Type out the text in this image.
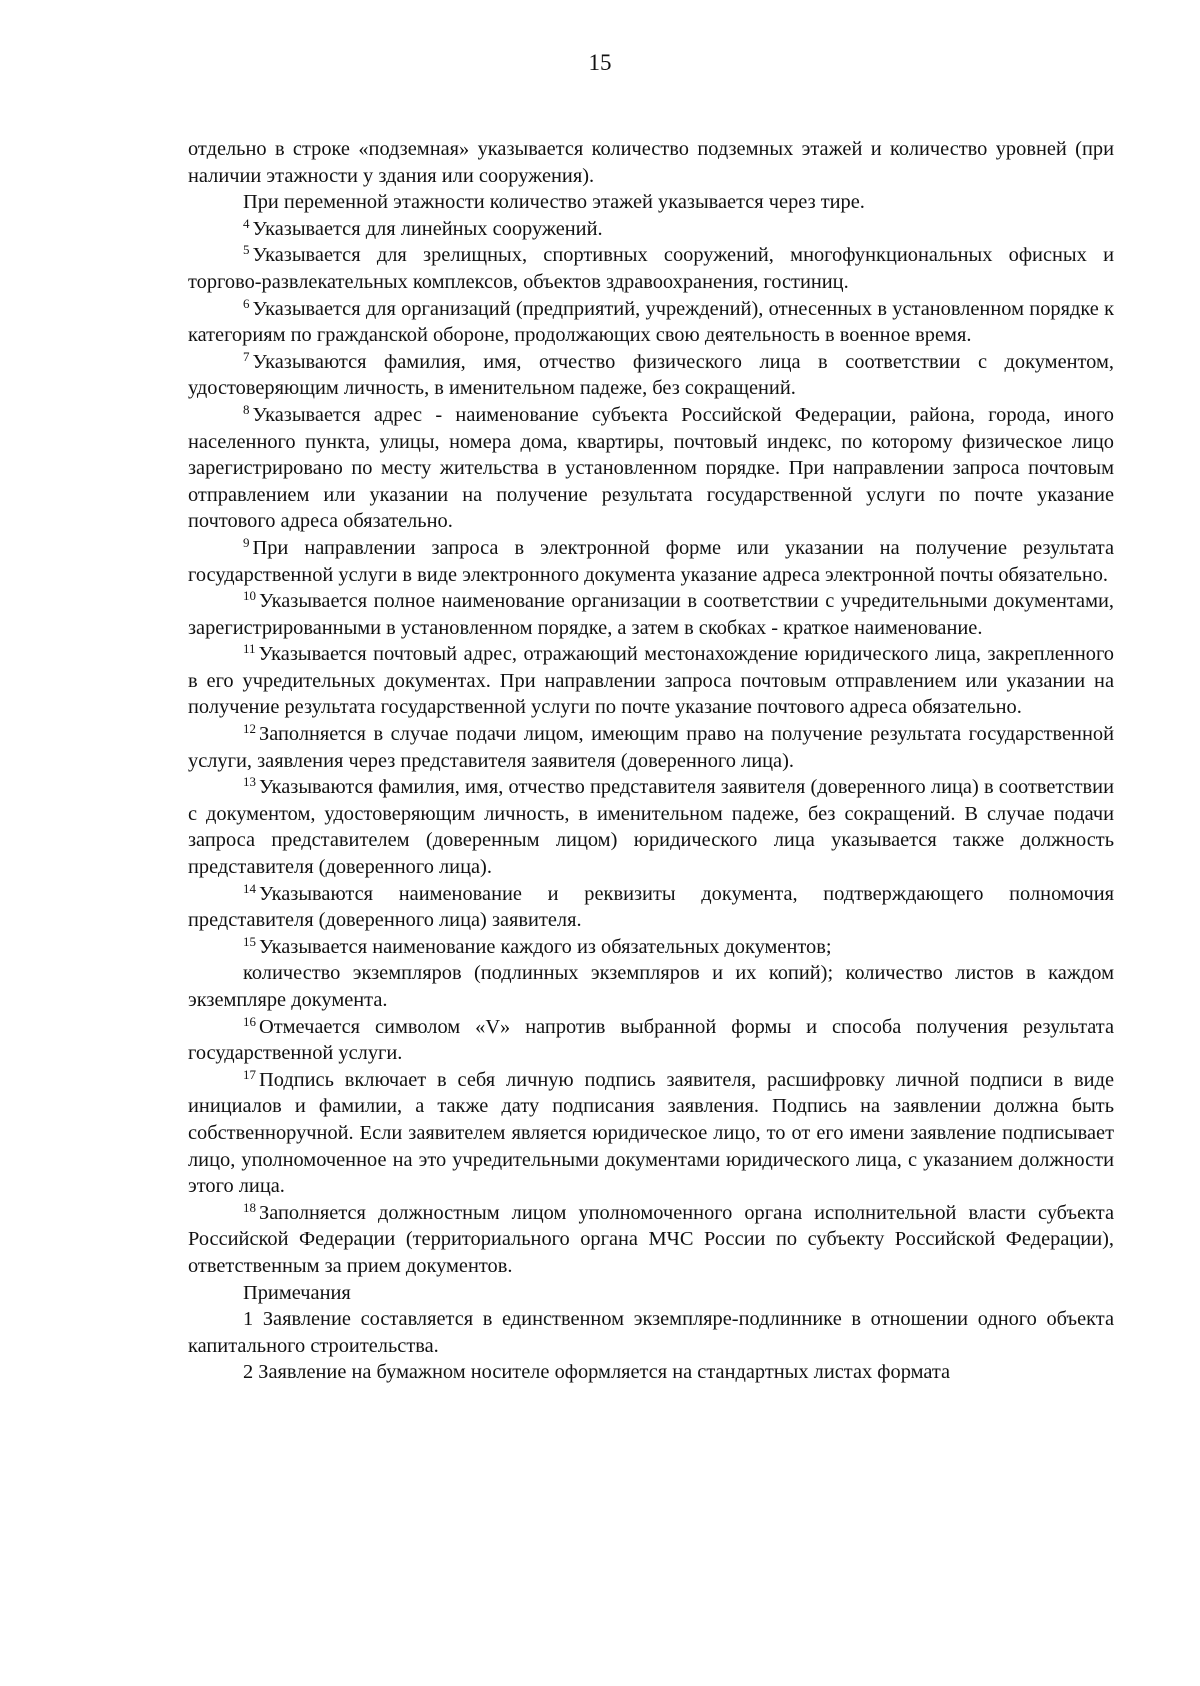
15

отдельно в строке «подземная» указывается количество подземных этажей и количество уровней (при наличии этажности у здания или сооружения).

При переменной этажности количество этажей указывается через тире.

$^4$ Указывается для линейных сооружений.

$^5$ Указывается для зрелищных, спортивных сооружений, многофункциональных офисных и торгово-развлекательных комплексов, объектов здравоохранения, гостиниц.

$^6$ Указывается для организаций (предприятий, учреждений), отнесенных в установленном порядке к категориям по гражданской обороне, продолжающих свою деятельность в военное время.

$^7$ Указываются фамилия, имя, отчество физического лица в соответствии с документом, удостоверяющим личность, в именительном падеже, без сокращений.

$^8$ Указывается адрес - наименование субъекта Российской Федерации, района, города, иного населенного пункта, улицы, номера дома, квартиры, почтовый индекс, по которому физическое лицо зарегистрировано по месту жительства в установленном порядке. При направлении запроса почтовым отправлением или указании на получение результата государственной услуги по почте указание почтового адреса обязательно.

$^9$ При направлении запроса в электронной форме или указании на получение результата государственной услуги в виде электронного документа указание адреса электронной почты обязательно.

$^{10}$ Указывается полное наименование организации в соответствии с учредительными документами, зарегистрированными в установленном порядке, а затем в скобках - краткое наименование.

$^{11}$ Указывается почтовый адрес, отражающий местонахождение юридического лица, закрепленного в его учредительных документах. При направлении запроса почтовым отправлением или указании на получение результата государственной услуги по почте указание почтового адреса обязательно.

$^{12}$ Заполняется в случае подачи лицом, имеющим право на получение результата государственной услуги, заявления через представителя заявителя (доверенного лица).

$^{13}$ Указываются фамилия, имя, отчество представителя заявителя (доверенного лица) в соответствии с документом, удостоверяющим личность, в именительном падеже, без сокращений. В случае подачи запроса представителем (доверенным лицом) юридического лица указывается также должность представителя (доверенного лица).

$^{14}$ Указываются наименование и реквизиты документа, подтверждающего полномочия представителя (доверенного лица) заявителя.

$^{15}$ Указывается наименование каждого из обязательных документов;

количество экземпляров (подлинных экземпляров и их копий); количество листов в каждом экземпляре документа.

$^{16}$ Отмечается символом «V» напротив выбранной формы и способа получения результата государственной услуги.

$^{17}$ Подпись включает в себя личную подпись заявителя, расшифровку личной подписи в виде инициалов и фамилии, а также дату подписания заявления. Подпись на заявлении должна быть собственноручной. Если заявителем является юридическое лицо, то от его имени заявление подписывает лицо, уполномоченное на это учредительными документами юридического лица, с указанием должности этого лица.

$^{18}$ Заполняется должностным лицом уполномоченного органа исполнительной власти субъекта Российской Федерации (территориального органа МЧС России по субъекту Российской Федерации), ответственным за прием документов.

Примечания

1 Заявление составляется в единственном экземпляре-подлиннике в отношении одного объекта капитального строительства.

2 Заявление на бумажном носителе оформляется на стандартных листах формата
